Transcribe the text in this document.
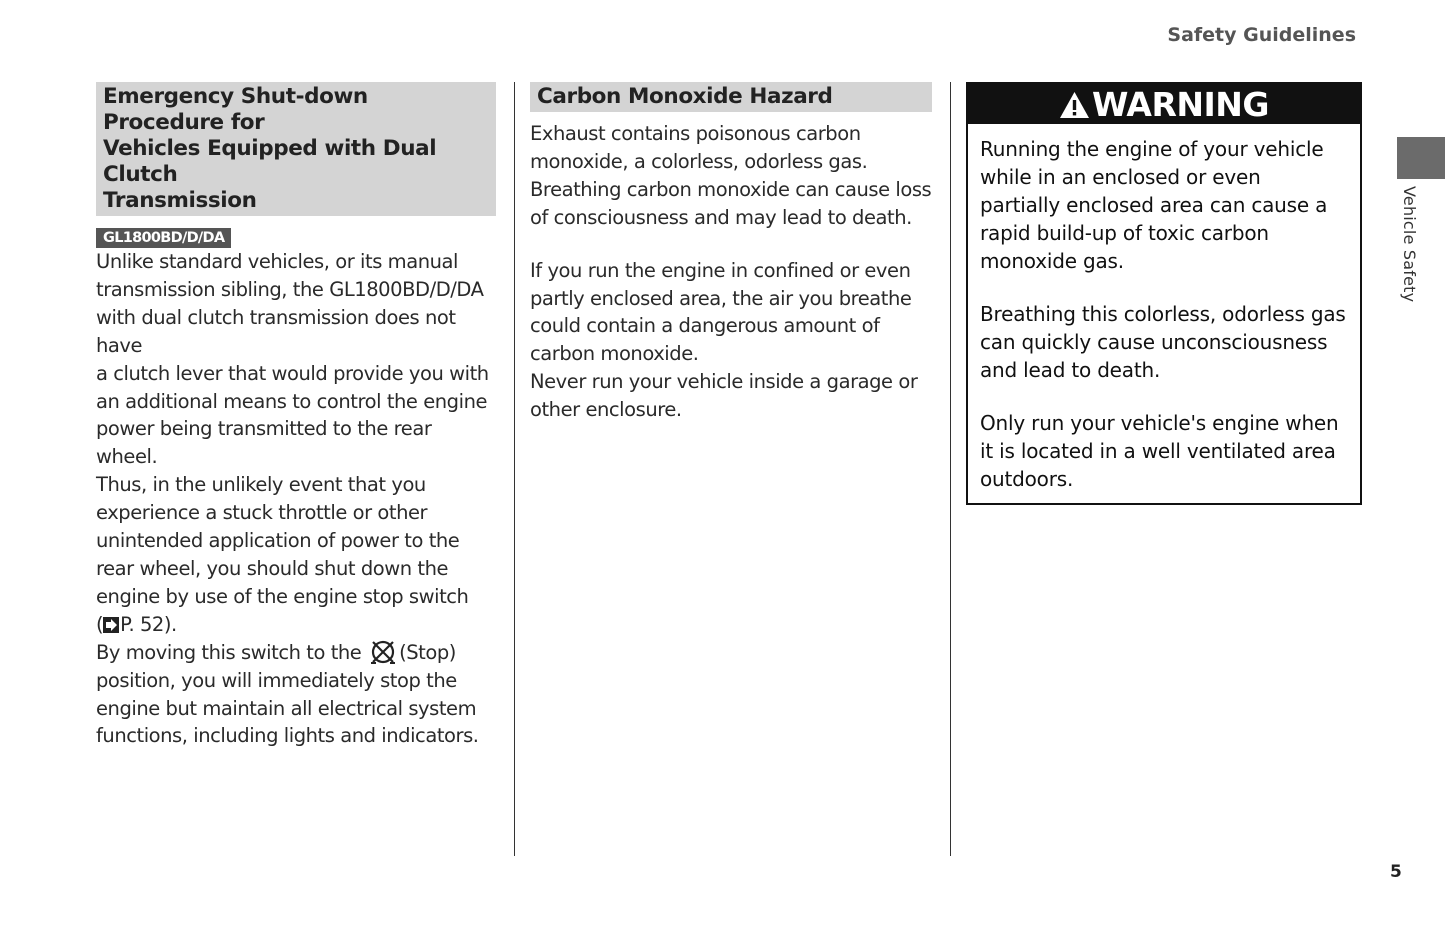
Safety Guidelines
Emergency Shut-down Procedure for
Vehicles Equipped with Dual Clutch
Transmission
GL1800BD/D/DA

Unlike standard vehicles, or its manual

transmission sibling, the GL1800BD/D/DA

with dual clutch transmission does not have

a clutch lever that would provide you with

an additional means to control the engine

power being transmitted to the rear wheel.

Thus, in the unlikely event that you

experience a stuck throttle or other

unintended application of power to the

rear wheel, you should shut down the

engine by use of the engine stop switch

( P. 52).

By moving this switch to the (Stop)

position, you will immediately stop the

engine but maintain all electrical system

functions, including lights and indicators.

Carbon Monoxide Hazard

Exhaust contains poisonous carbon

monoxide, a colorless, odorless gas.

Breathing carbon monoxide can cause loss

of consciousness and may lead to death.

If you run the engine in confined or even

partly enclosed area, the air you breathe

could contain a dangerous amount of

carbon monoxide.

Never run your vehicle inside a garage or

other enclosure.

WARNING

Running the engine of your vehicle

while in an enclosed or even

partially enclosed area can cause a

rapid build-up of toxic carbon

monoxide gas.

Breathing this colorless, odorless gas

can quickly cause unconsciousness

and lead to death.

Only run your vehicle's engine when

it is located in a well ventilated area

outdoors.

Vehicle Safety
5
